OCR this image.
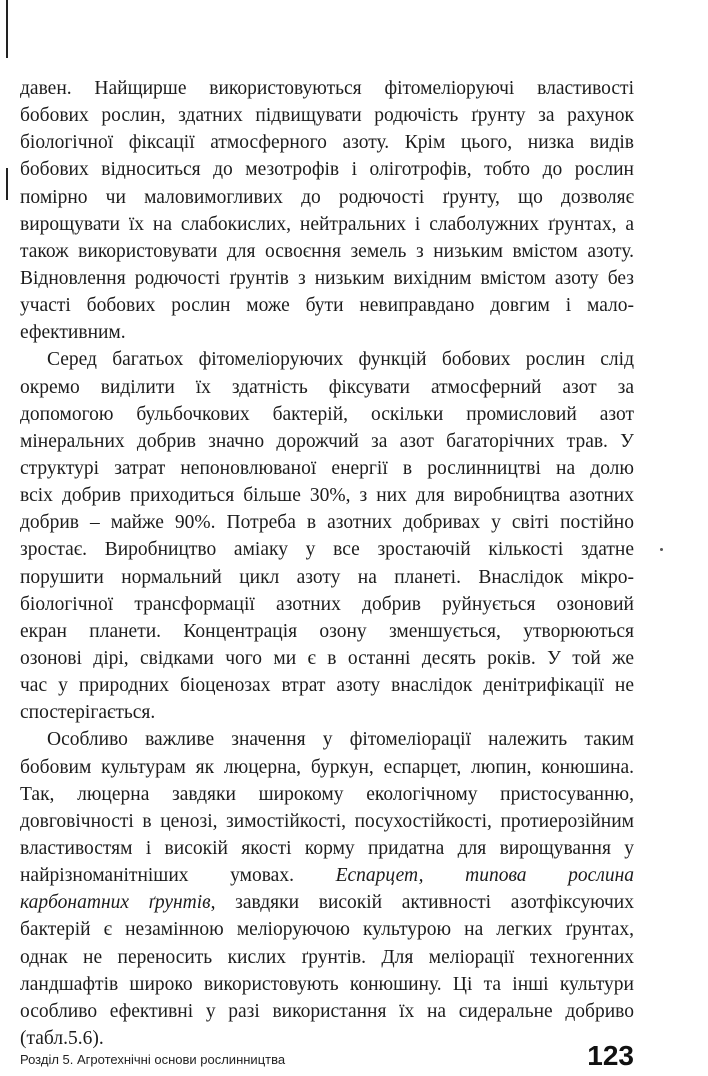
давен. Найщирше використовуються фітомеліоруючі властивості
бобових рослин, здатних підвищувати родючість ґрунту за рахунок
біологічної фіксації атмосферного азоту. Крім цього, низка видів
бобових відноситься до мезотрофів і оліготрофів, тобто до рослин
помірно чи маловимогливих до родючості ґрунту, що дозволяє
вирощувати їх на слабокислих, нейтральних і слаболужних ґрунтах, а
також використовувати для освоєння земель з низьким вмістом азоту.
Відновлення родючості ґрунтів з низьким вихідним вмістом азоту без
участі бобових рослин може бути невиправдано довгим і мало-
ефективним.
Серед багатьох фітомеліоруючих функцій бобових рослин слід
окремо виділити їх здатність фіксувати атмосферний азот за
допомогою бульбочкових бактерій, оскільки промисловий азот
мінеральних добрив значно дорожчий за азот багаторічних трав. У
структурі затрат непоновлюваної енергії в рослинництві на долю
всіх добрив приходиться більше 30%, з них для виробництва азотних
добрив – майже 90%. Потреба в азотних добривах у світі постійно
зростає. Виробництво аміаку у все зростаючій кількості здатне
порушити нормальний цикл азоту на планеті. Внаслідок мікро-
біологічної трансформації азотних добрив руйнується озоновий
екран планети. Концентрація озону зменшується, утворюються
озонові дірі, свідками чого ми є в останні десять років. У той же
час у природних біоценозах втрат азоту внаслідок денітрифікації не
спостерігається.
Особливо важливе значення у фітомеліорації належить таким
бобовим культурам як люцерна, буркун, еспарцет, люпин, конюшина.
Так, люцерна завдяки широкому екологічному пристосуванню,
довговічності в ценозі, зимостійкості, посухостійкості, протиерозійним
властивостям і високій якості корму придатна для вирощування у
найрізноманітніших умовах. Еспарцет, типова рослина
карбонатних ґрунтів, завдяки високій активності азотфіксуючих
бактерій є незамінною меліоруючою культурою на легких ґрунтах,
однак не переносить кислих ґрунтів. Для меліорації техногенних
ландшафтів широко використовують конюшину. Ці та інші культури
особливо ефективні у разі використання їх на сидеральне добриво
(табл.5.6).
Розділ 5. Агротехнічні основи рослинництва	123
